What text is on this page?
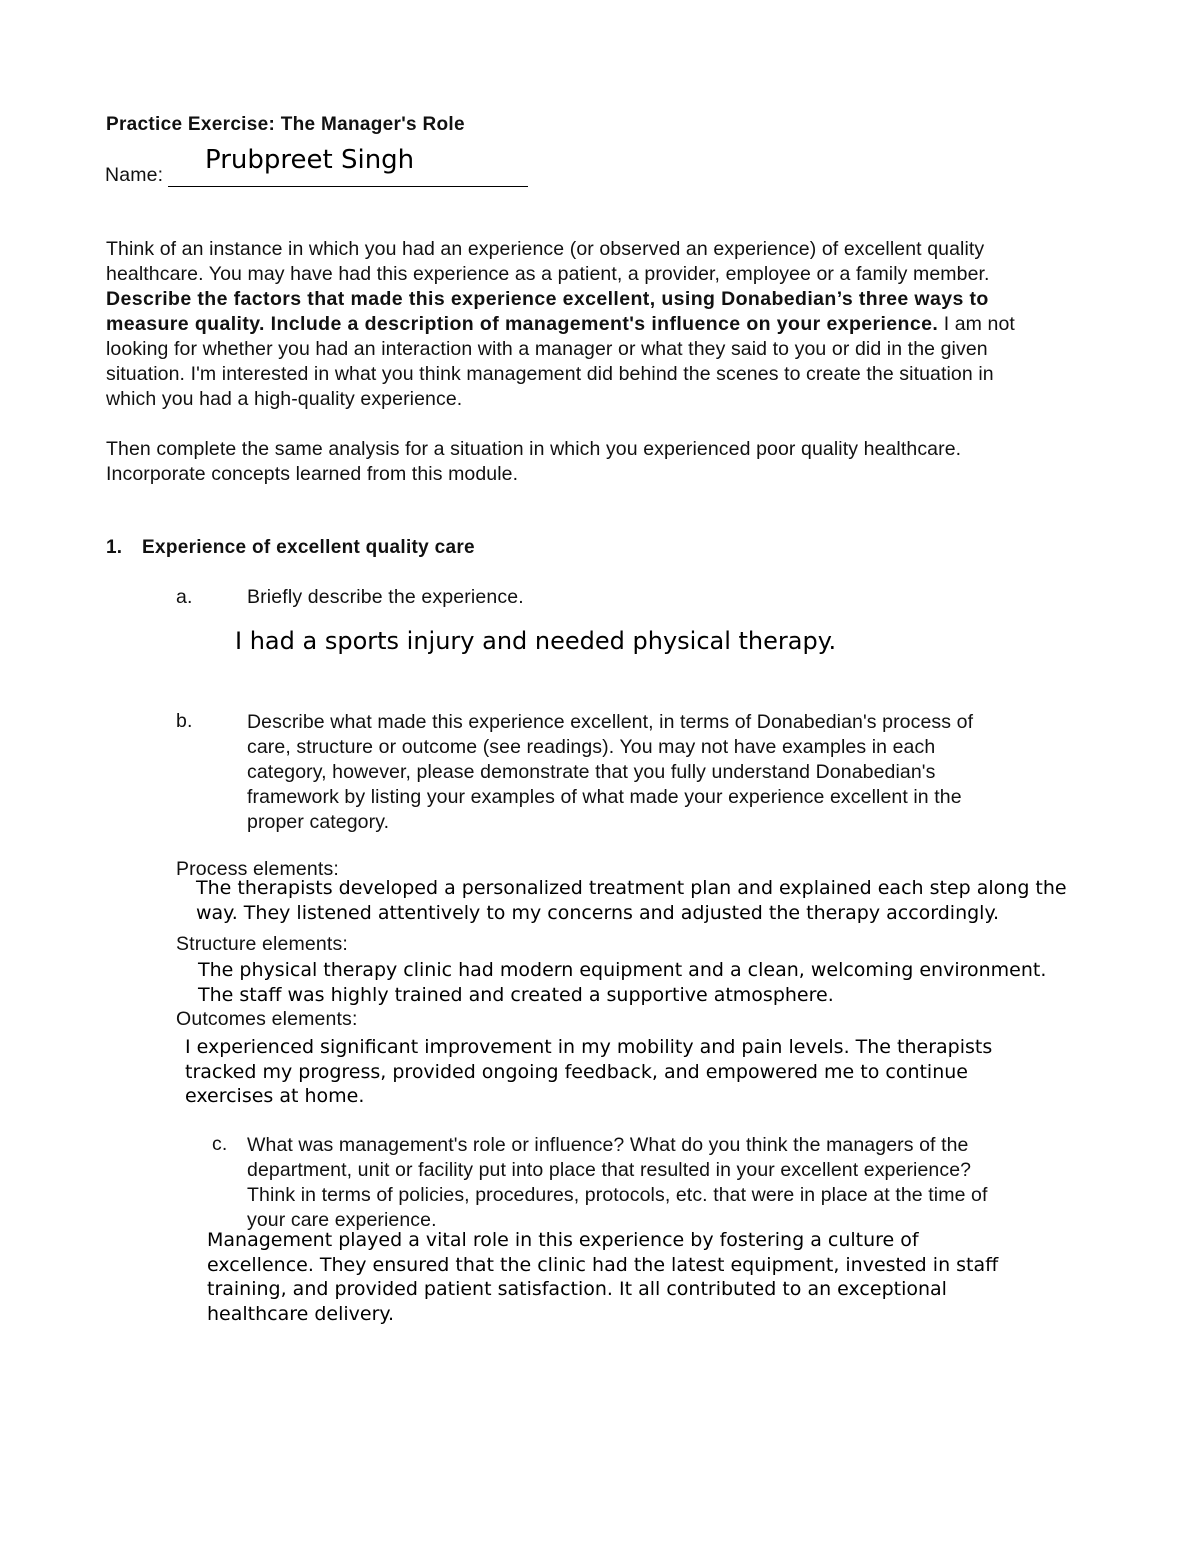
Practice Exercise: The Manager's Role
Name: Prubpreet Singh
Think of an instance in which you had an experience (or observed an experience) of excellent quality
healthcare. You may have had this experience as a patient, a provider, employee or a family member.
Describe the factors that made this experience excellent, using Donabedian’s three ways to
measure quality. Include a description of management's influence on your experience. I am not
looking for whether you had an interaction with a manager or what they said to you or did in the given
situation. I'm interested in what you think management did behind the scenes to create the situation in
which you had a high-quality experience.
Then complete the same analysis for a situation in which you experienced poor quality healthcare.
Incorporate concepts learned from this module.
1. Experience of excellent quality care
a.	Briefly describe the experience.
I had a sports injury and needed physical therapy.
b.	Describe what made this experience excellent, in terms of Donabedian's process of
care, structure or outcome (see readings). You may not have examples in each
category, however, please demonstrate that you fully understand Donabedian's
framework by listing your examples of what made your experience excellent in the
proper category.
Process elements:
The therapists developed a personalized treatment plan and explained each step along the
way. They listened attentively to my concerns and adjusted the therapy accordingly.
Structure elements:
The physical therapy clinic had modern equipment and a clean, welcoming environment.
The staff was highly trained and created a supportive atmosphere.
Outcomes elements:
I experienced significant improvement in my mobility and pain levels. The therapists
tracked my progress, provided ongoing feedback, and empowered me to continue
exercises at home.
c. What was management's role or influence? What do you think the managers of the
department, unit or facility put into place that resulted in your excellent experience?
Think in terms of policies, procedures, protocols, etc. that were in place at the time of
your care experience.
Management played a vital role in this experience by fostering a culture of
excellence. They ensured that the clinic had the latest equipment, invested in staff
training, and provided patient satisfaction. It all contributed to an exceptional
healthcare delivery.
